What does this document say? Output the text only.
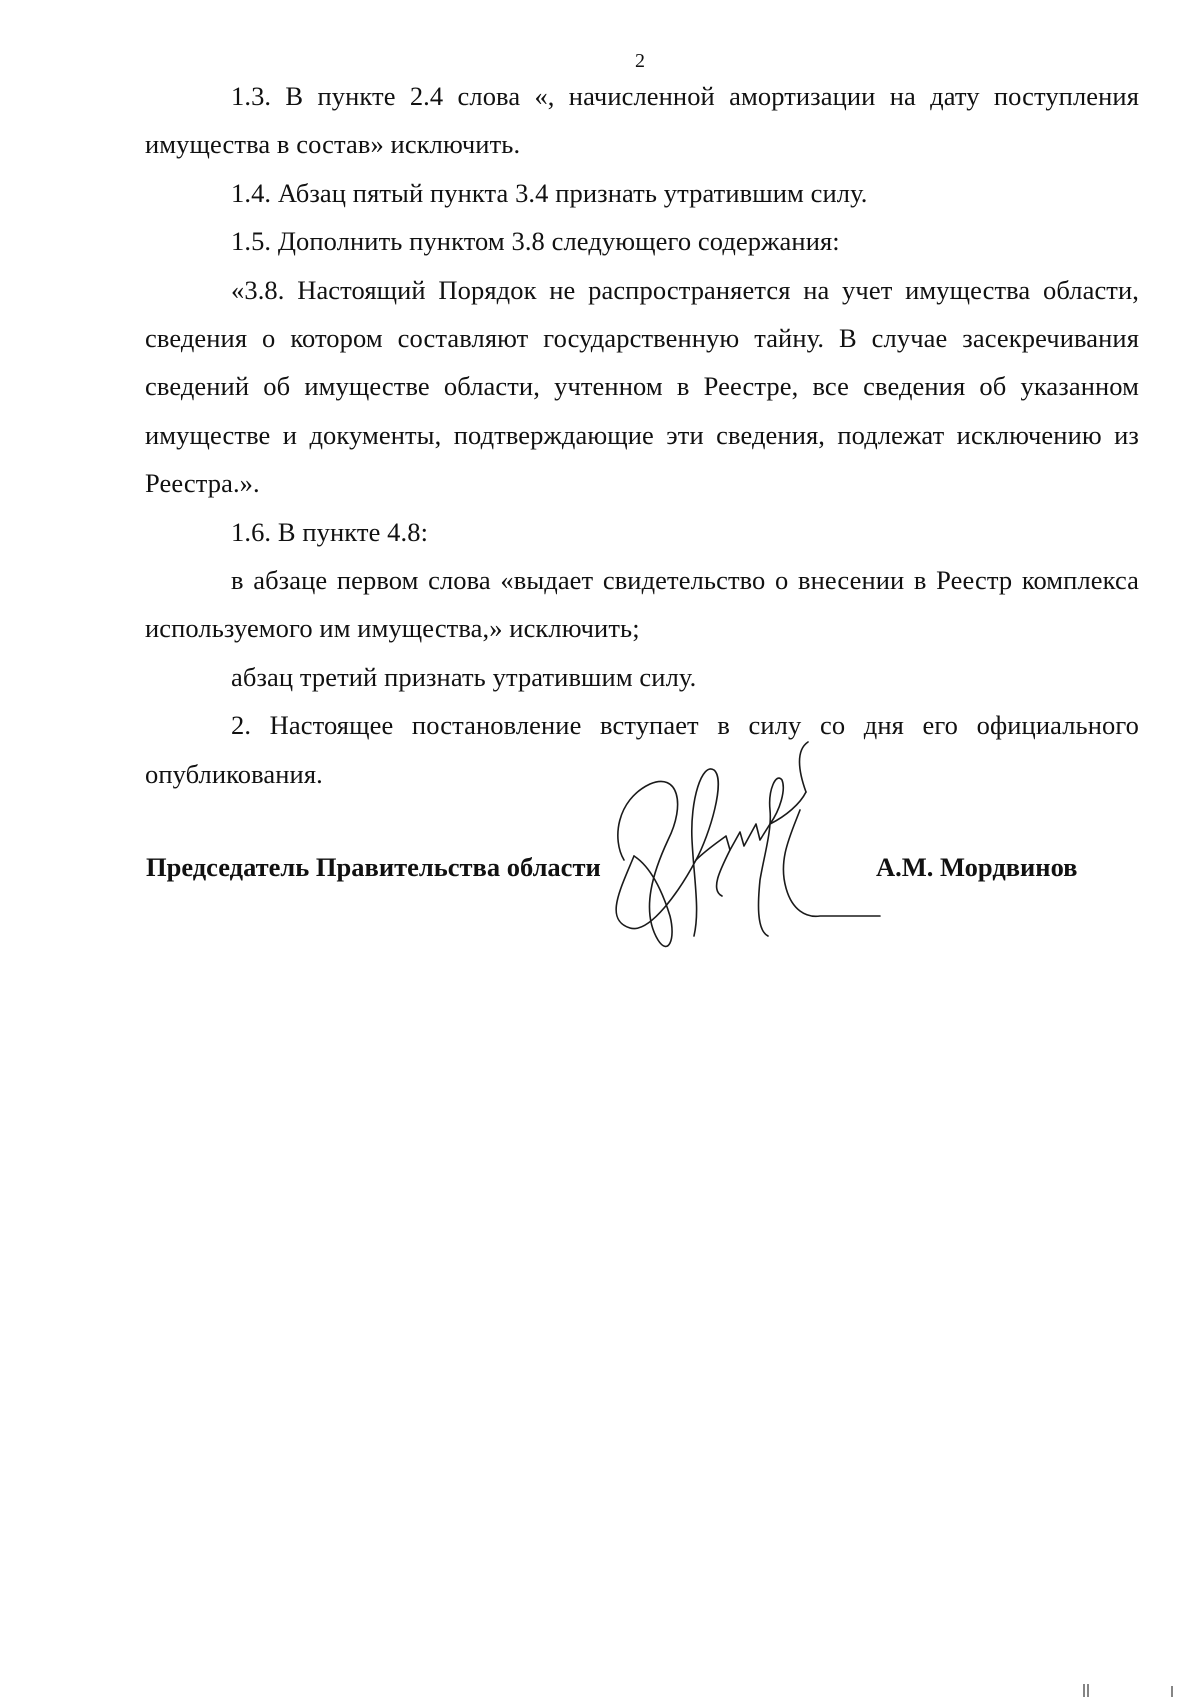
2

1.3. В пункте 2.4 слова «, начисленной амортизации на дату поступления имущества в состав» исключить.

1.4. Абзац пятый пункта 3.4 признать утратившим силу.

1.5. Дополнить пунктом 3.8 следующего содержания:

«3.8. Настоящий Порядок не распространяется на учет имущества области, сведения о котором составляют государственную тайну. В случае засекречивания сведений об имуществе области, учтенном в Реестре, все сведения об указанном имуществе и документы, подтверждающие эти сведения, подлежат исключению из Реестра.».

1.6. В пункте 4.8:

в абзаце первом слова «выдает свидетельство о внесении в Реестр комплекса используемого им имущества,» исключить;

абзац третий признать утратившим силу.

2. Настоящее постановление вступает в силу со дня его официального опубликования.

Председатель Правительства области	А.М. Мордвинов
